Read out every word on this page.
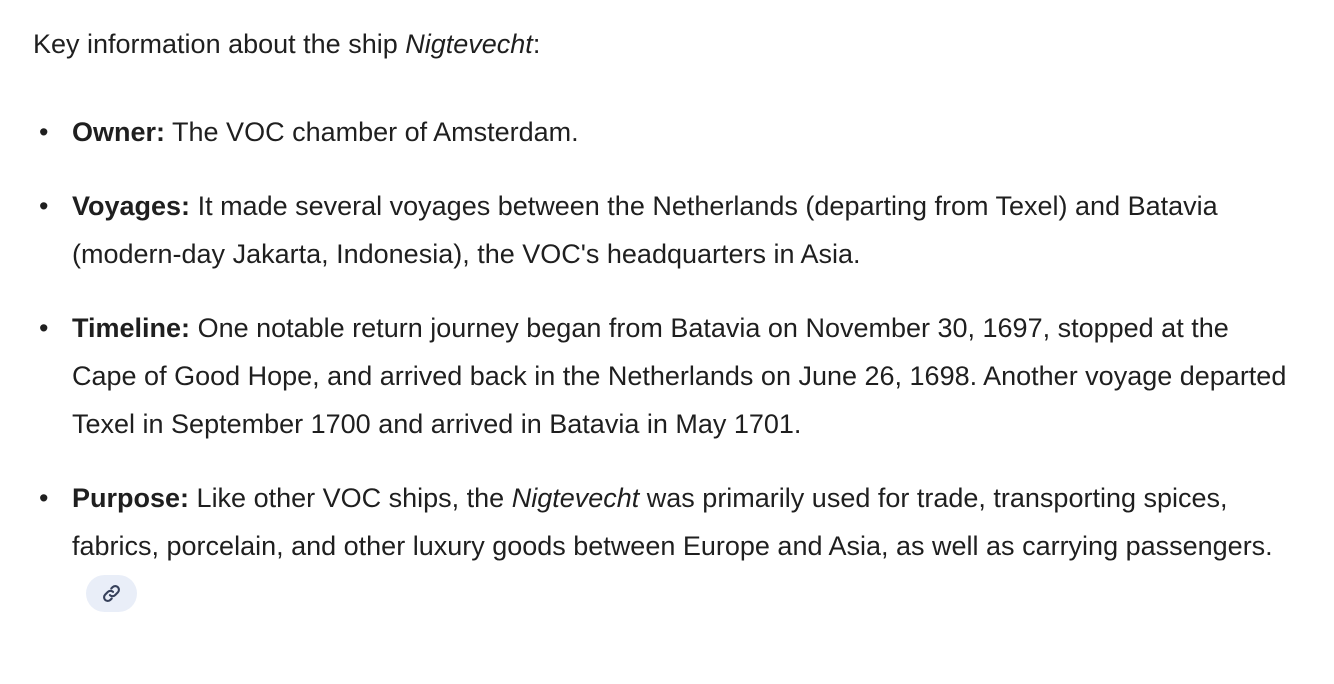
Key information about the ship Nigtevecht:

• Owner: The VOC chamber of Amsterdam.
• Voyages: It made several voyages between the Netherlands (departing from Texel) and Batavia (modern-day Jakarta, Indonesia), the VOC's headquarters in Asia.
• Timeline: One notable return journey began from Batavia on November 30, 1697, stopped at the Cape of Good Hope, and arrived back in the Netherlands on June 26, 1698. Another voyage departed Texel in September 1700 and arrived in Batavia in May 1701.
• Purpose: Like other VOC ships, the Nigtevecht was primarily used for trade, transporting spices, fabrics, porcelain, and other luxury goods between Europe and Asia, as well as carrying passengers.
